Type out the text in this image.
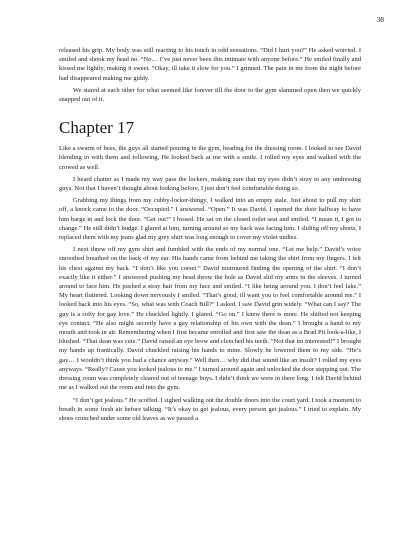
38

released his grip. My body was still reacting to his touch in odd sensations. “Did I hurt you?” He asked worried. I smiled and shook my head no. “No… I’ve just never been this intimate with anyone before.” He smiled finally and kissed me lightly, making it sweet. “Okay, ill take it slow for you.” I grinned. The pain in me from the night before had disappeared making me giddy.

We stared at each other for what seemed like forever till the door to the gym slammed open then we quickly snapped out of it.

Chapter 17

Like a swarm of bees, the guys all started pouring in the gym, heading for the dressing room. I looked to see David blending in with them and following, He looked back at me with a smile. I rolled my eyes and walked with the crowed as well.

I heard chatter as I made my way pass the lockers, making sure that my eyes didn’t stray to any undressing guys. Not that I haven’t thought about looking before, I just don’t feel comfortable doing so.

Grabbing my things from my cubby-locker-thingy, I walked into an empty stale. Just about to pull my shirt off, a knock came to the door. “Occupied.” I answered. “Open.” It was David. I opened the door halfway to have him barge in and lock the door. “Get out!” I hissed. He sat on the closed toilet seat and smiled. “I mean it, I got to change.” He still didn’t budge. I glared at him, turning around so my back was facing him. I sliding off my shorts, I replaced them with my jeans glad my grey shirt was long enough to cover my violet undies.

I next threw off my gym shirt and fumbled with the ends of my normal one. “Let me help.” David’s voice smoothed breathed on the back of my ear. His hands came from behind me taking the shirt from my fingers. I felt his chest against my back. “I don’t like you corset.” David murmured finding the opening of the shirt. “I don’t exactly like it either.” I answered pushing my head throw the hole as David slid my arms in the sleeves. I turned around to face him. He pushed a stray hair from my face and smiled. “I like being around you. I don’t feel fake.” My heart fluttered. Looking down nervously I smiled. “That’s good, ill want you to feel comfortable around me.” I looked back into his eyes. “So, what was with Coach Bill?” I asked. I saw David grin widely. “What can I say? The guy is a softy for gay love.” He chuckled lightly. I glared. “Go on.” I knew there is more. He shifted not keeping eye contact. “He also might secretly have a gay relationship of his own with the dean.” I brought a hand to my mouth and took in air. Remembering when I first became enrolled and first saw the dean as a Brad Pit look-a-like, I blushed. “That dean was cute.” David raised an eye brow and clenched his teeth. “Not that im interested!” I brought my hands up frantically. David chuckled raising his hands to mine. Slowly he lowered them to my side. “He’s gay… I wouldn’t think you had a chance anyway.” Well then… why did that sound like an insult? I rolled my eyes anyways. “Really? Cause you looked jealous to me.” I turned around again and unlocked the door stepping out. The dressing room was completely cleared out of teenage boys. I didn’t think we were in there long. I felt David behind me as I walked out the room and into the gym.

“I don’t get jealous.” He scoffed. I sighed walking out the double doors into the court yard. I took a moment to breath in some fresh air before talking. “It’s okay to get jealous, every person get jealous.” I tried to explain. My shoes crunched under some old leaves as we passed a
